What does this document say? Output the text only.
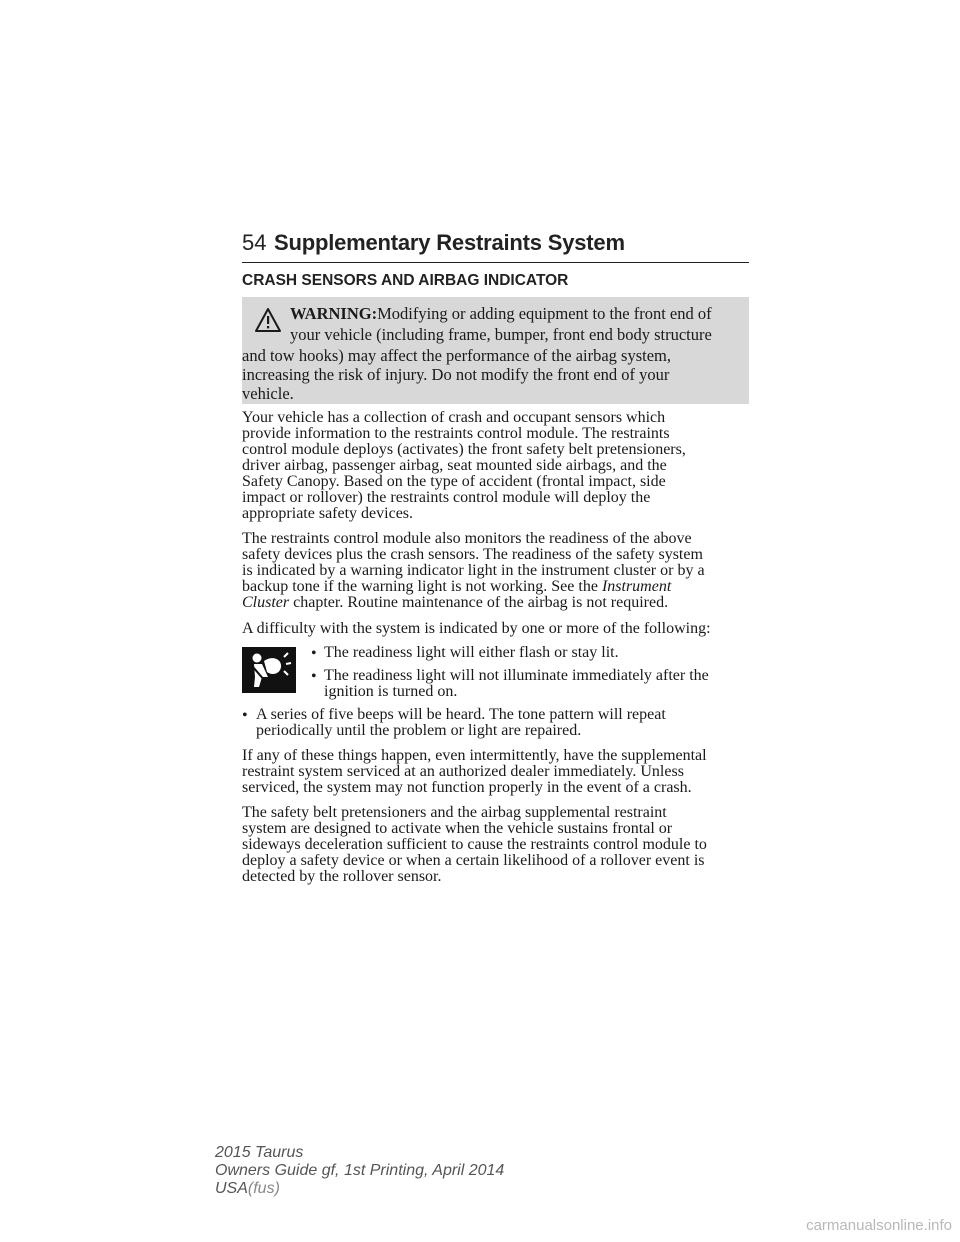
54 Supplementary Restraints System
CRASH SENSORS AND AIRBAG INDICATOR
WARNING:Modifying or adding equipment to the front end of
your vehicle (including frame, bumper, front end body structure
and tow hooks) may affect the performance of the airbag system,
increasing the risk of injury. Do not modify the front end of your
vehicle.
Your vehicle has a collection of crash and occupant sensors which
provide information to the restraints control module. The restraints
control module deploys (activates) the front safety belt pretensioners,
driver airbag, passenger airbag, seat mounted side airbags, and the
Safety Canopy. Based on the type of accident (frontal impact, side
impact or rollover) the restraints control module will deploy the
appropriate safety devices.
The restraints control module also monitors the readiness of the above
safety devices plus the crash sensors. The readiness of the safety system
is indicated by a warning indicator light in the instrument cluster or by a
backup tone if the warning light is not working. See the Instrument
Cluster chapter. Routine maintenance of the airbag is not required.
A difficulty with the system is indicated by one or more of the following:
• The readiness light will either flash or stay lit.
• The readiness light will not illuminate immediately after the
ignition is turned on.
• A series of five beeps will be heard. The tone pattern will repeat
periodically until the problem or light are repaired.
If any of these things happen, even intermittently, have the supplemental
restraint system serviced at an authorized dealer immediately. Unless
serviced, the system may not function properly in the event of a crash.
The safety belt pretensioners and the airbag supplemental restraint
system are designed to activate when the vehicle sustains frontal or
sideways deceleration sufficient to cause the restraints control module to
deploy a safety device or when a certain likelihood of a rollover event is
detected by the rollover sensor.
2015 Taurus
Owners Guide gf, 1st Printing, April 2014
USA(fus)
carmanualsonline.info
